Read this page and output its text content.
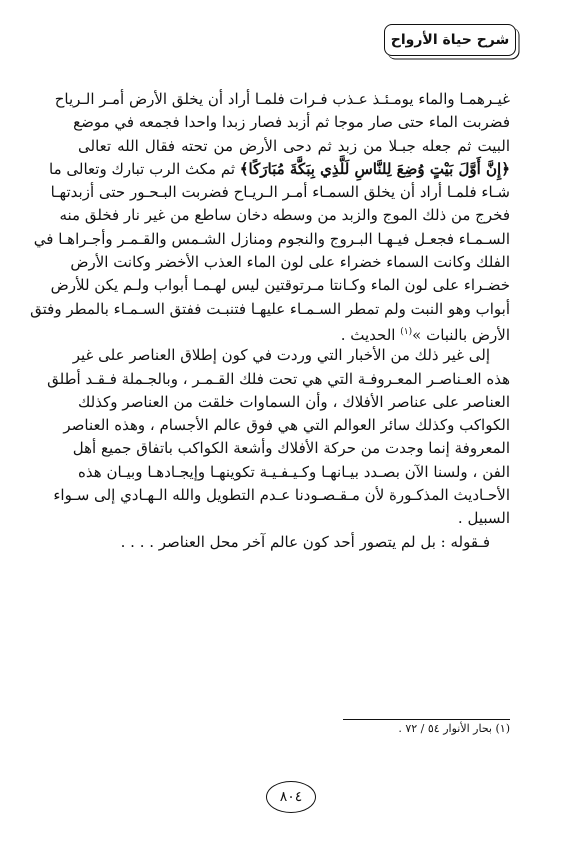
شرح حياة الأرواح
غيـرهمـا والماء يومـئـذ عـذب فـرات فلمـا أراد أن يخلق الأرض أمـر الـرياح
فضربت الماء حتى صار موجا ثم أزبد فصار زبدا واحدا فجمعه في موضع
البيت ثم جعله جبـلا من زبد ثم دحى الأرض من تحته فقال الله تعالى
﴿إِنَّ أَوَّلَ بَيْتٍ وُضِعَ لِلنَّاسِ لَلَّذِي بِبَكَّةَ مُبَارَكًا﴾ ثم مكث الرب تبارك وتعالى ما
شـاء فلمـا أراد أن يخلق السمـاء أمـر الـريـاح فضربت البـحـور حتى أزبدتهـا
فخرج من ذلك الموج والزبد من وسطه دخان ساطع من غير نار فخلق منه
السـمـاء فجعـل فيـهـا البـروج والنجوم ومنازل الشـمس والقـمـر وأجـراهـا في
الفلك وكانت السماء خضراء على لون الماء العذب الأخضر وكانت الأرض
خضـراء على لون الماء وكـانتا مـرتوقتين ليس لهـمـا أبواب ولـم يكن للأرض
أبواب وهو النبت ولم تمطر السـمـاء عليهـا فتنبـت ففتق السـمـاء بالمطر وفتق
الأرض بالنبات »$^{(١)}$ الحديث .
إلى غير ذلك من الأخبار التي وردت في كون إطلاق العناصر على غير
هذه العـناصـر المعـروفـة التي هي تحت فلك القـمـر ، وبالجـملة فـقـد أطلق
العناصر على عناصر الأفلاك ، وأن السماوات خلقت من العناصر وكذلك
الكواكب وكذلك سائر العوالم التي هي فوق عالم الأجسام ، وهذه العناصر
المعروفة إنما وجدت من حركة الأفلاك وأشعة الكواكب باتفاق جميع أهل
الفن ، ولسنا الآن بصـدد بيـانهـا وكـيـفـيـة تكوينهـا وإيجـادهـا وبيـان هذه
الأحـاديث المذكـورة لأن مـقـصـودنا عـدم التطويل والله الـهـادي إلى سـواء
السبيل .
فـقوله : بل لم يتصور أحد كون عالم آخر محل العناصر . . . .
(١) بحار الأنوار ٥٤ / ٧٢ .
٨٠٤
